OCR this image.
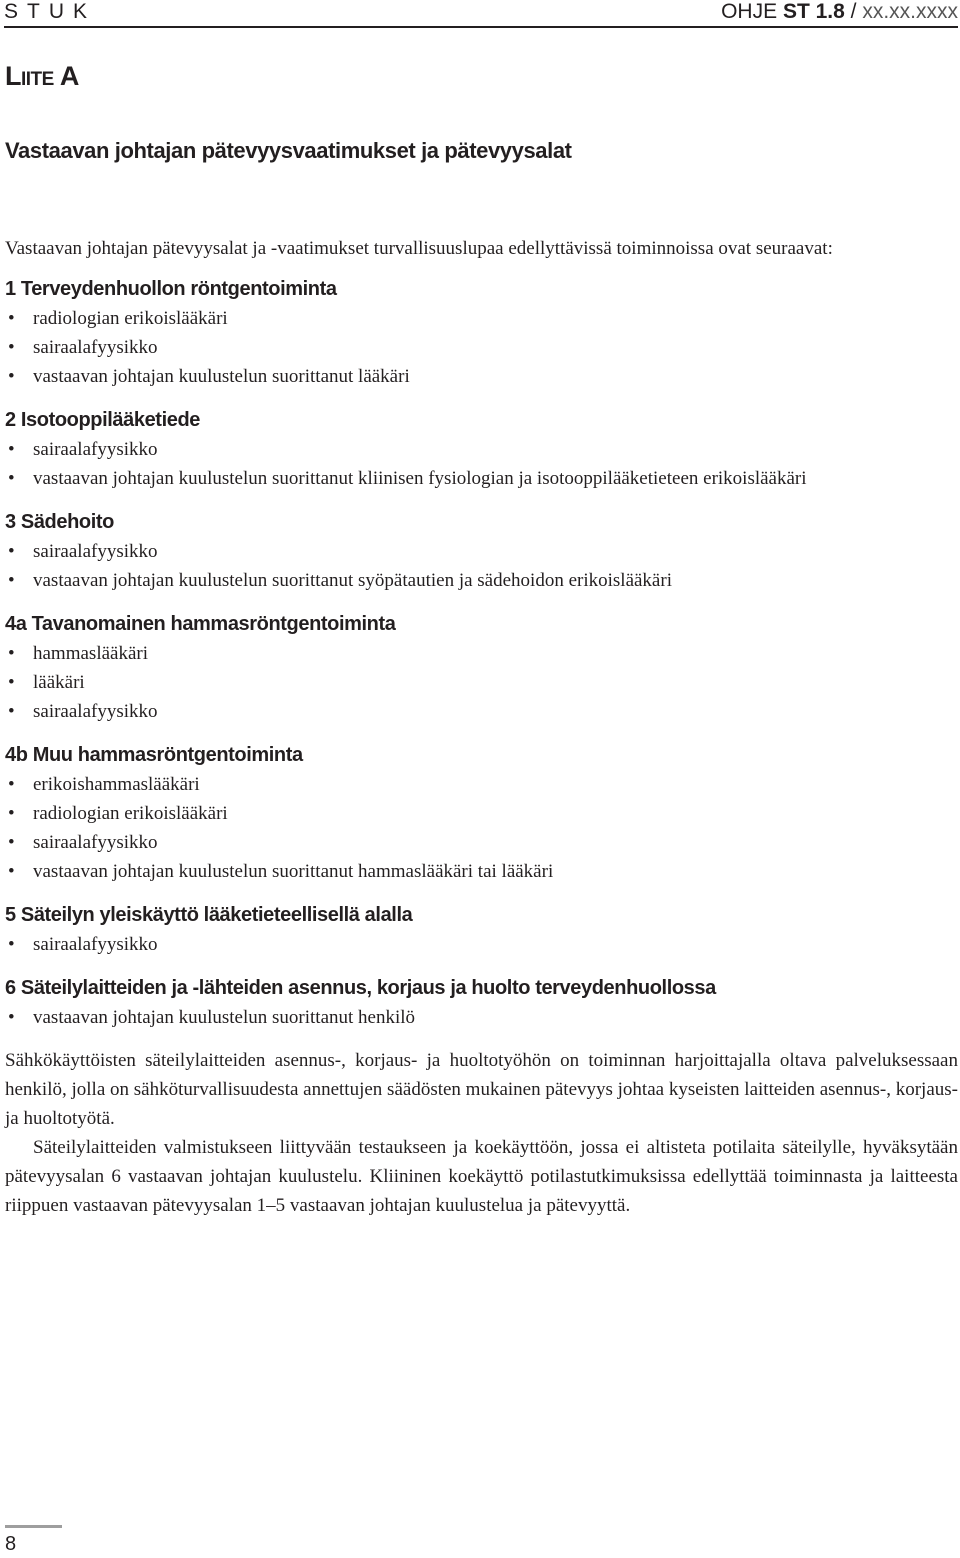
STUK	OHJE ST 1.8 / xx.xx.xxxx
LIITE A
Vastaavan johtajan pätevyysvaatimukset ja pätevyysalat

Vastaavan johtajan pätevyysalat ja -vaatimukset turvallisuuslupaa edellyttävissä toiminnoissa ovat seuraavat:

1 Terveydenhuollon röntgentoiminta
• radiologian erikoislääkäri
• sairaalafyysikko
• vastaavan johtajan kuulustelun suorittanut lääkäri
2 Isotooppilääketiede
• sairaalafyysikko
• vastaavan johtajan kuulustelun suorittanut kliinisen fysiologian ja isotooppilääketieteen erikoislääkäri
3 Sädehoito
• sairaalafyysikko
• vastaavan johtajan kuulustelun suorittanut syöpätautien ja sädehoidon erikoislääkäri
4a Tavanomainen hammasröntgentoiminta
• hammaslääkäri
• lääkäri
• sairaalafyysikko
4b Muu hammasröntgentoiminta
• erikoishammaslääkäri
• radiologian erikoislääkäri
• sairaalafyysikko
• vastaavan johtajan kuulustelun suorittanut hammaslääkäri tai lääkäri
5 Säteilyn yleiskäyttö lääketieteellisellä alalla
• sairaalafyysikko
6 Säteilylaitteiden ja -lähteiden asennus, korjaus ja huolto terveydenhuollossa
• vastaavan johtajan kuulustelun suorittanut henkilö

Sähkökäyttöisten säteilylaitteiden asennus-, korjaus- ja huoltotyöhön on toiminnan harjoittajalla oltava palveluksessaan henkilö, jolla on sähköturvallisuudesta annettujen säädösten mukainen pätevyys johtaa kyseisten laitteiden asennus-, korjaus- ja huoltotyötä.

Säteilylaitteiden valmistukseen liittyvään testaukseen ja koekäyttöön, jossa ei altisteta potilaita säteilylle, hyväksytään pätevyysalan 6 vastaavan johtajan kuulustelu. Kliininen koekäyttö potilastutkimuksissa edellyttää toiminnasta ja laitteesta riippuen vastaavan pätevyysalan 1–5 vastaavan johtajan kuulustelua ja pätevyyttä.

8
